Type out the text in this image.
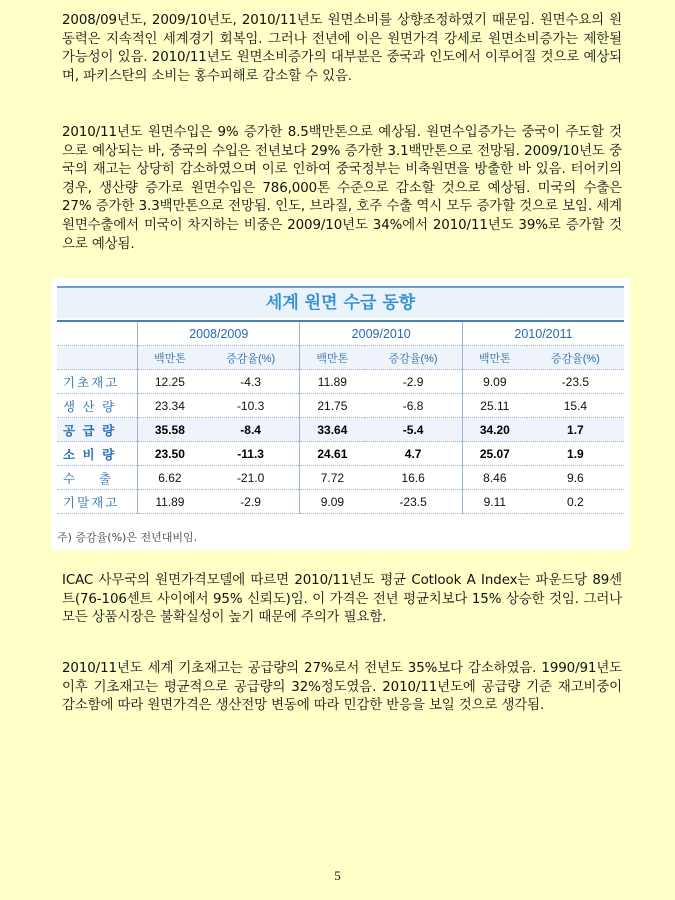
2008/09년도, 2009/10년도, 2010/11년도 원면소비를 상향조정하였기 때문임. 원면수요의 원동력은 지속적인 세계경기 회복임. 그러나 전년에 이은 원면가격 강세로 원면소비증가는 제한될 가능성이 있음. 2010/11년도 원면소비증가의 대부분은 중국과 인도에서 이루어질 것으로 예상되며, 파키스탄의 소비는 홍수피해로 감소할 수 있음.

2010/11년도 원면수입은 9% 증가한 8.5백만톤으로 예상됨. 원면수입증가는 중국이 주도할 것으로 예상되는 바, 중국의 수입은 전년보다 29% 증가한 3.1백만톤으로 전망됨. 2009/10년도 중국의 재고는 상당히 감소하였으며 이로 인하여 중국정부는 비축원면을 방출한 바 있음. 터어키의 경우, 생산량 증가로 원면수입은 786,000톤 수준으로 감소할 것으로 예상됨. 미국의 수출은 27% 증가한 3.3백만톤으로 전망됨. 인도, 브라질, 호주 수출 역시 모두 증가할 것으로 보임. 세계 원면수출에서 미국이 차지하는 비중은 2009/10년도 34%에서 2010/11년도 39%로 증가할 것으로 예상됨.

세계 원면 수급 동향
	2008/2009		2009/2010		2010/2011	
	백만톤	증감율(%)	백만톤	증감율(%)	백만톤	증감율(%)
기초재고	12.25	-4.3	11.89	-2.9	9.09	-23.5
생 산 량	23.34	-10.3	21.75	-6.8	25.11	15.4
공 급 량	35.58	-8.4	33.64	-5.4	34.20	1.7
소 비 량	23.50	-11.3	24.61	4.7	25.07	1.9
수    출	6.62	-21.0	7.72	16.6	8.46	9.6
기말재고	11.89	-2.9	9.09	-23.5	9.11	0.2
주) 증감율(%)은 전년대비임.

ICAC 사무국의 원면가격모델에 따르면 2010/11년도 평균 Cotlook A Index는 파운드당 89센트(76-106센트 사이에서 95% 신뢰도)임. 이 가격은 전년 평균치보다 15% 상승한 것임. 그러나 모든 상품시장은 불확실성이 높기 때문에 주의가 필요함.

2010/11년도 세계 기초재고는 공급량의 27%로서 전년도 35%보다 감소하였음. 1990/91년도 이후 기초재고는 평균적으로 공급량의 32%정도였음. 2010/11년도에 공급량 기준 재고비중이 감소함에 따라 원면가격은 생산전망 변동에 따라 민감한 반응을 보일 것으로 생각됨.

5
